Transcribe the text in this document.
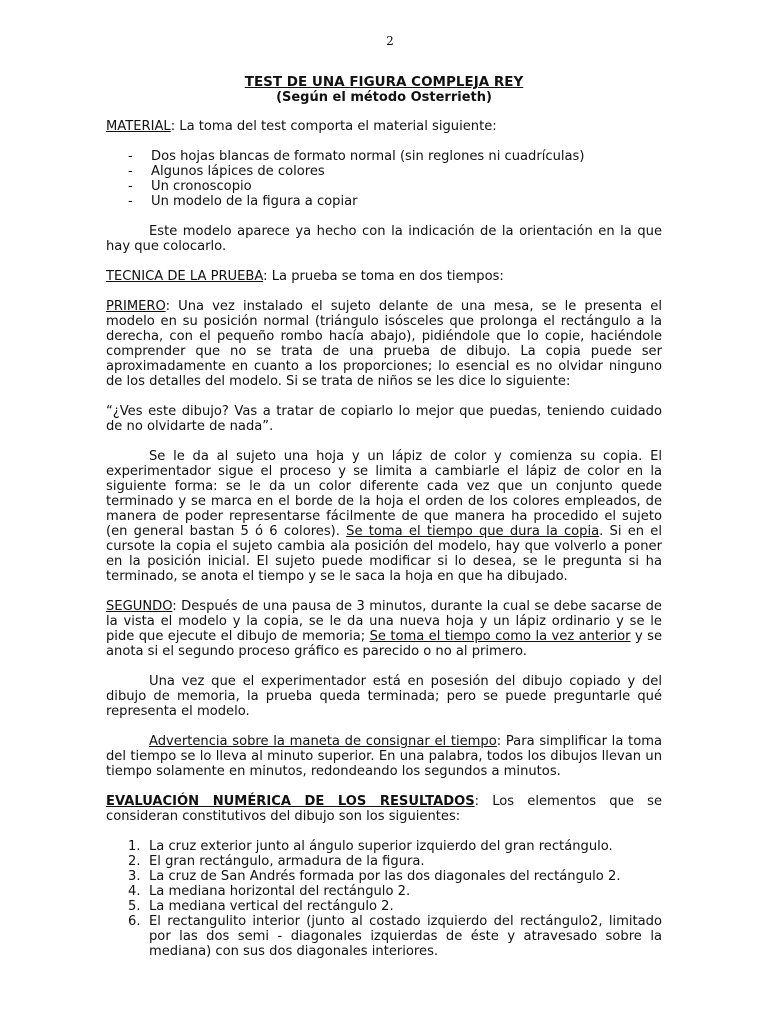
2
TEST DE UNA FIGURA COMPLEJA REY
(Según el método Osterrieth)

MATERIAL: La toma del test comporta el material siguiente:

- Dos hojas blancas de formato normal (sin reglones ni cuadrículas)
- Algunos lápices de colores
- Un cronoscopio
- Un modelo de la figura a copiar

Este modelo aparece ya hecho con la indicación de la orientación en la que hay que colocarlo.

TECNICA DE LA PRUEBA: La prueba se toma en dos tiempos:

PRIMERO: Una vez instalado el sujeto delante de una mesa, se le presenta el modelo en su posición normal (triángulo isósceles que prolonga el rectángulo a la derecha, con el pequeño rombo hacía abajo), pidiéndole que lo copie, haciéndole comprender que no se trata de una prueba de dibujo. La copia puede ser aproximadamente en cuanto a los proporciones; lo esencial es no olvidar ninguno de los detalles del modelo. Si se trata de niños se les dice lo siguiente:

“¿Ves este dibujo? Vas a tratar de copiarlo lo mejor que puedas, teniendo cuidado de no olvidarte de nada”.

Se le da al sujeto una hoja y un lápiz de color y comienza su copia. El experimentador sigue el proceso y se limita a cambiarle el lápiz de color en la siguiente forma: se le da un color diferente cada vez que un conjunto quede terminado y se marca en el borde de la hoja el orden de los colores empleados, de manera de poder representarse fácilmente de que manera ha procedido el sujeto (en general bastan 5 ó 6 colores). Se toma el tiempo que dura la copia. Si en el cursote la copia el sujeto cambia ala posición del modelo, hay que volverlo a poner en la posición inicial. El sujeto puede modificar si lo desea, se le pregunta si ha terminado, se anota el tiempo y se le saca la hoja en que ha dibujado.

SEGUNDO: Después de una pausa de 3 minutos, durante la cual se debe sacarse de la vista el modelo y la copia, se le da una nueva hoja y un lápiz ordinario y se le pide que ejecute el dibujo de memoria; Se toma el tiempo como la vez anterior y se anota si el segundo proceso gráfico es parecido o no al primero.

Una vez que el experimentador está en posesión del dibujo copiado y del dibujo de memoria, la prueba queda terminada; pero se puede preguntarle qué representa el modelo.

Advertencia sobre la maneta de consignar el tiempo: Para simplificar la toma del tiempo se lo lleva al minuto superior. En una palabra, todos los dibujos llevan un tiempo solamente en minutos, redondeando los segundos a minutos.

EVALUACIÓN NUMÉRICA DE LOS RESULTADOS: Los elementos que se consideran constitutivos del dibujo son los siguientes:

1. La cruz exterior junto al ángulo superior izquierdo del gran rectángulo.
2. El gran rectángulo, armadura de la figura.
3. La cruz de San Andrés formada por las dos diagonales del rectángulo 2.
4. La mediana horizontal del rectángulo 2.
5. La mediana vertical del rectángulo 2.
6. El rectangulito interior (junto al costado izquierdo del rectángulo2, limitado por las dos semi - diagonales izquierdas de éste y atravesado sobre la mediana) con sus dos diagonales interiores.
